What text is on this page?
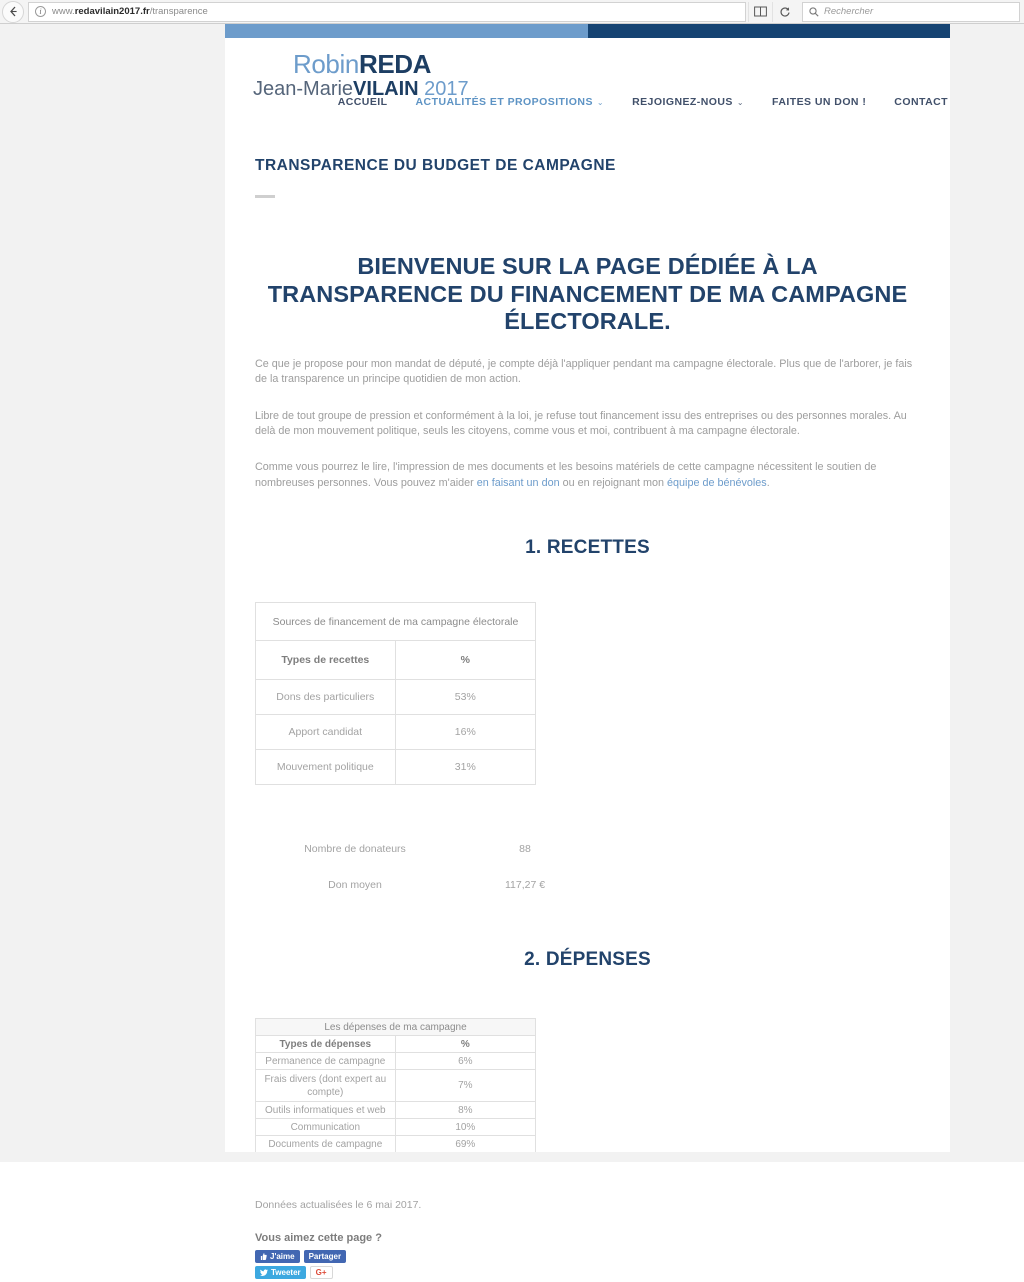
i	www.redavilain2017.fr/transparence	Rechercher
RobinREDA
Jean-MarieVILAIN 2017
ACCUEIL	ACTUALITÉS ET PROPOSITIONS ⌄	REJOIGNEZ-NOUS ⌄	FAITES UN DON !	CONTACT
TRANSPARENCE DU BUDGET DE CAMPAGNE
BIENVENUE SUR LA PAGE DÉDIÉE À LA TRANSPARENCE DU FINANCEMENT DE MA CAMPAGNE ÉLECTORALE.

Ce que je propose pour mon mandat de député, je compte déjà l'appliquer pendant ma campagne électorale. Plus que de l'arborer, je fais de la transparence un principe quotidien de mon action.

Libre de tout groupe de pression et conformément à la loi, je refuse tout financement issu des entreprises ou des personnes morales. Au delà de mon mouvement politique, seuls les citoyens, comme vous et moi, contribuent à ma campagne électorale.

Comme vous pourrez le lire, l'impression de mes documents et les besoins matériels de cette campagne nécessitent le soutien de nombreuses personnes. Vous pouvez m'aider en faisant un don ou en rejoignant mon équipe de bénévoles.

1. RECETTES
Sources de financement de ma campagne électorale	
Types de recettes	%
Dons des particuliers	53%
Apport candidat	16%
Mouvement politique	31%
Nombre de donateurs	88
Don moyen	117,27 €
2. DÉPENSES
Les dépenses de ma campagne	
Types de dépenses	%
Permanence de campagne	6%
Frais divers (dont expert au compte)	7%
Outils informatiques et web	8%
Communication	10%
Documents de campagne	69%
Données actualisées le 6 mai 2017.
Vous aimez cette page ?
J'aime Partager
Tweeter G+
